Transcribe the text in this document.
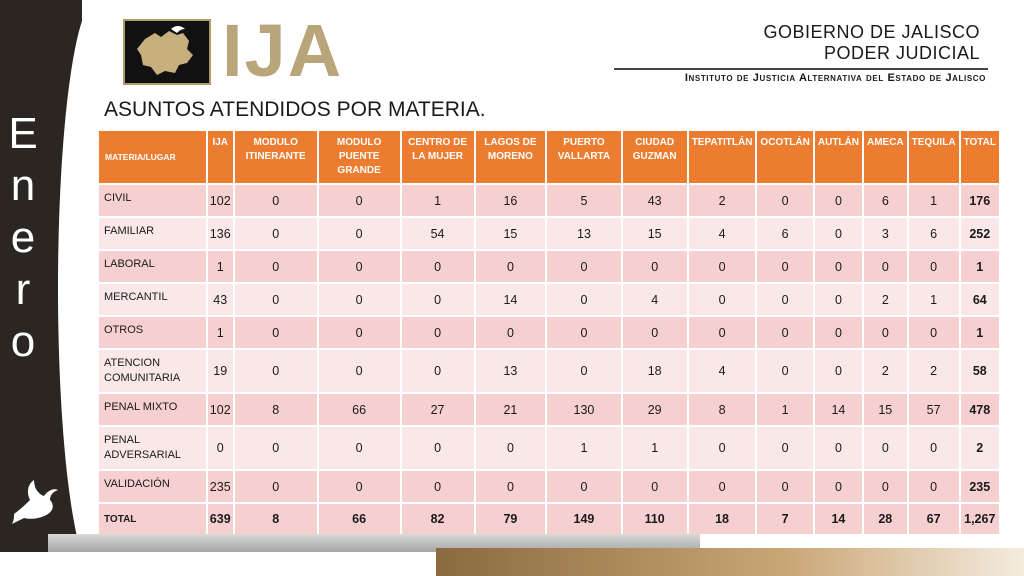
E
n
e
r
o
IJA	GOBIERNO DE JALISCO
PODER JUDICIAL
Instituto de Justicia Alternativa del Estado de Jalisco
ASUNTOS ATENDIDOS POR MATERIA.
MATERIA/LUGAR	IJA	MODULO ITINERANTE	MODULO PUENTE GRANDE	CENTRO DE LA MUJER	LAGOS DE MORENO	PUERTO VALLARTA	CIUDAD GUZMAN	TEPATITLÁN	OCOTLÁN	AUTLÁN	AMECA	TEQUILA	TOTAL
CIVIL	102	0	0	1	16	5	43	2	0	0	6	1	176
FAMILIAR	136	0	0	54	15	13	15	4	6	0	3	6	252
LABORAL	1	0	0	0	0	0	0	0	0	0	0	0	1
MERCANTIL	43	0	0	0	14	0	4	0	0	0	2	1	64
OTROS	1	0	0	0	0	0	0	0	0	0	0	0	1
ATENCION COMUNITARIA	19	0	0	0	13	0	18	4	0	0	2	2	58
PENAL MIXTO	102	8	66	27	21	130	29	8	1	14	15	57	478
PENAL ADVERSARIAL	0	0	0	0	0	1	1	0	0	0	0	0	2
VALIDACIÓN	235	0	0	0	0	0	0	0	0	0	0	0	235
TOTAL	639	8	66	82	79	149	110	18	7	14	28	67	1,267
